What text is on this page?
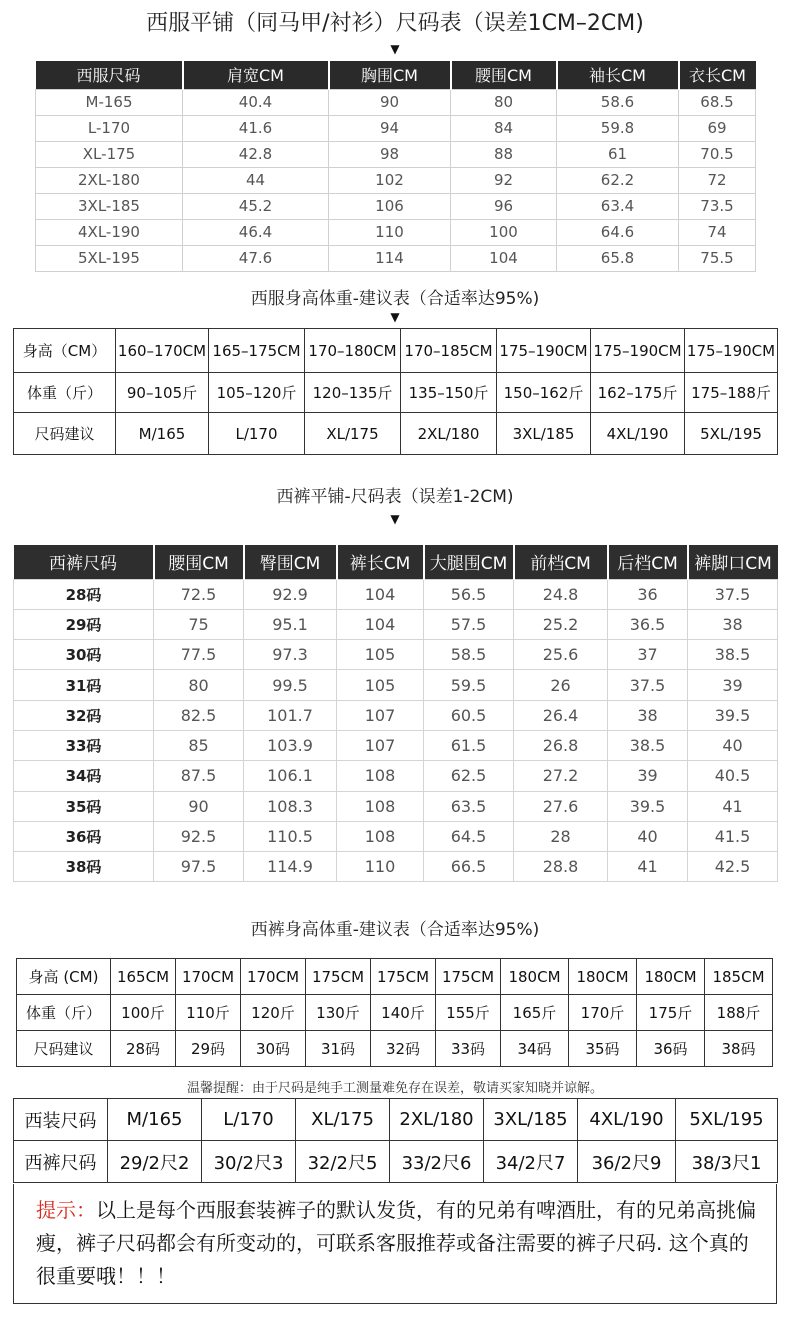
西服平铺（同马甲/衬衫）尺码表（误差1CM–2CM)
▼
西服尺码	肩宽CM	胸围CM	腰围CM	袖长CM	衣长CM
M-165	40.4	90	80	58.6	68.5
L-170	41.6	94	84	59.8	69
XL-175	42.8	98	88	61	70.5
2XL-180	44	102	92	62.2	72
3XL-185	45.2	106	96	63.4	73.5
4XL-190	46.4	110	100	64.6	74
5XL-195	47.6	114	104	65.8	75.5
西服身高体重-建议表（合适率达95%)
▼
身高（CM）	160–170CM	165–175CM	170–180CM	170–185CM	175–190CM	175–190CM	175–190CM
体重（斤）	90–105斤	105–120斤	120–135斤	135–150斤	150–162斤	162–175斤	175–188斤
尺码建议	M/165	L/170	XL/175	2XL/180	3XL/185	4XL/190	5XL/195
西裤平铺-尺码表（误差1-2CM)
▼
西裤尺码	腰围CM	臀围CM	裤长CM	大腿围CM	前档CM	后档CM	裤脚口CM
28码	72.5	92.9	104	56.5	24.8	36	37.5
29码	75	95.1	104	57.5	25.2	36.5	38
30码	77.5	97.3	105	58.5	25.6	37	38.5
31码	80	99.5	105	59.5	26	37.5	39
32码	82.5	101.7	107	60.5	26.4	38	39.5
33码	85	103.9	107	61.5	26.8	38.5	40
34码	87.5	106.1	108	62.5	27.2	39	40.5
35码	90	108.3	108	63.5	27.6	39.5	41
36码	92.5	110.5	108	64.5	28	40	41.5
38码	97.5	114.9	110	66.5	28.8	41	42.5
西裤身高体重-建议表（合适率达95%)
身高 (CM)	165CM	170CM	170CM	175CM	175CM	175CM	180CM	180CM	180CM	185CM
体重（斤）	100斤	110斤	120斤	130斤	140斤	155斤	165斤	170斤	175斤	188斤
尺码建议	28码	29码	30码	31码	32码	33码	34码	35码	36码	38码
温馨提醒：由于尺码是纯手工测量难免存在误差，敬请买家知晓并谅解。
西装尺码	M/165	L/170	XL/175	2XL/180	3XL/185	4XL/190	5XL/195
西裤尺码	29/2尺2	30/2尺3	32/2尺5	33/2尺6	34/2尺7	36/2尺9	38/3尺1
提示：以上是每个西服套装裤子的默认发货，有的兄弟有啤酒肚，有的兄弟高挑偏瘦，裤子尺码都会有所变动的，可联系客服推荐或备注需要的裤子尺码. 这个真的很重要哦！！！
